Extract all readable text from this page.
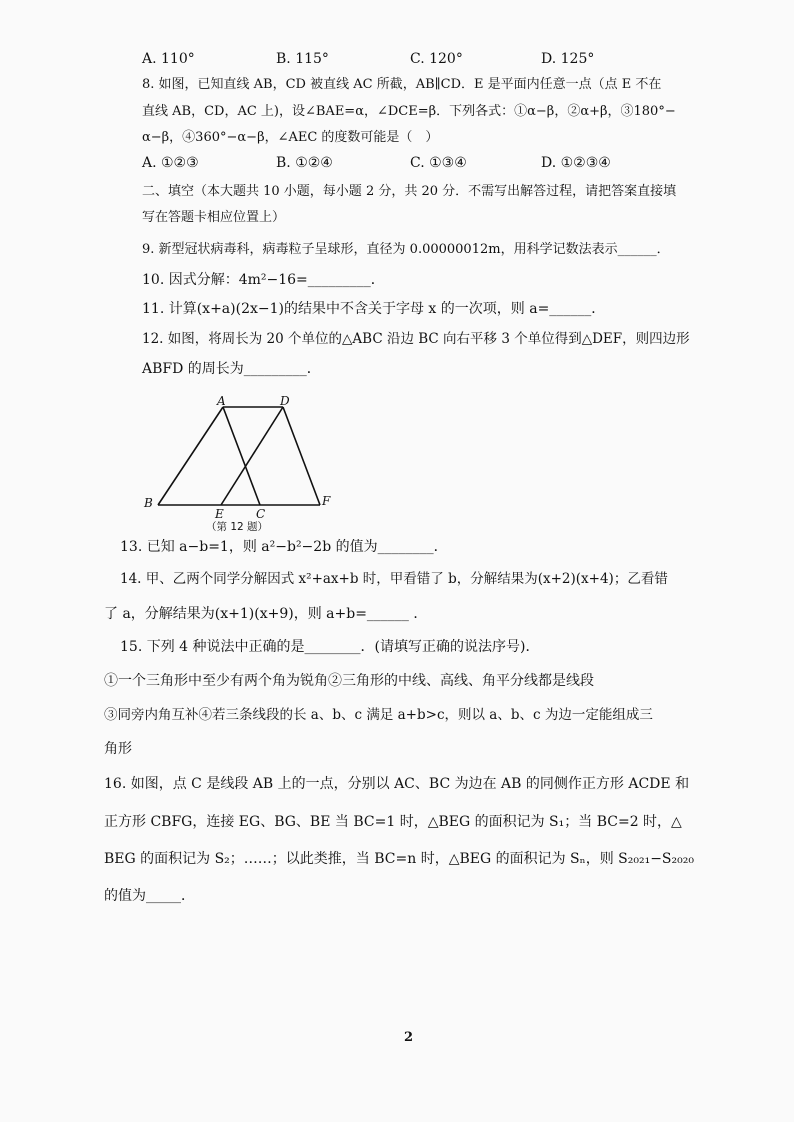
A. 110°	B. 115°	C. 120°	D. 125°
8. 如图，已知直线 AB，CD 被直线 AC 所截，AB∥CD．E 是平面内任意一点（点 E 不在
直线 AB，CD，AC 上)，设∠BAE=α，∠DCE=β．下列各式：①α−β，②α+β，③180°−
α−β，④360°−α−β，∠AEC 的度数可能是（　）
A. ①②③	B. ①②④	C. ①③④	D. ①②③④
二、填空（本大题共 10 小题，每小题 2 分，共 20 分．不需写出解答过程，请把答案直接填
写在答题卡相应位置上）
9. 新型冠状病毒科，病毒粒子呈球形，直径为 0.00000012m，用科学记数法表示______．
10. 因式分解：4m²−16=_________．
11. 计算(x+a)(2x−1)的结果中不含关于字母 x 的一次项，则 a=______．
12. 如图，将周长为 20 个单位的△ABC 沿边 BC 向右平移 3 个单位得到△DEF，则四边形
ABFD 的周长为_________．
A	D
B
E	C
F
（第 12 题）
13. 已知 a−b=1，则 a²−b²−2b 的值为________．
14. 甲、乙两个同学分解因式 x²+ax+b 时，甲看错了 b，分解结果为(x+2)(x+4)；乙看错
了 a，分解结果为(x+1)(x+9)，则 a+b=______ ．
15. 下列 4 种说法中正确的是________．(请填写正确的说法序号)．
①一个三角形中至少有两个角为锐角②三角形的中线、高线、角平分线都是线段
③同旁内角互补④若三条线段的长 a、b、c 满足 a+b>c，则以 a、b、c 为边一定能组成三
角形
16. 如图，点 C 是线段 AB 上的一点，分别以 AC、BC 为边在 AB 的同侧作正方形 ACDE 和
正方形 CBFG，连接 EG、BG、BE 当 BC=1 时，△BEG 的面积记为 S₁；当 BC=2 时，△
BEG 的面积记为 S₂；……；以此类推，当 BC=n 时，△BEG 的面积记为 Sₙ，则 S₂₀₂₁−S₂₀₂₀
的值为_____．
2
